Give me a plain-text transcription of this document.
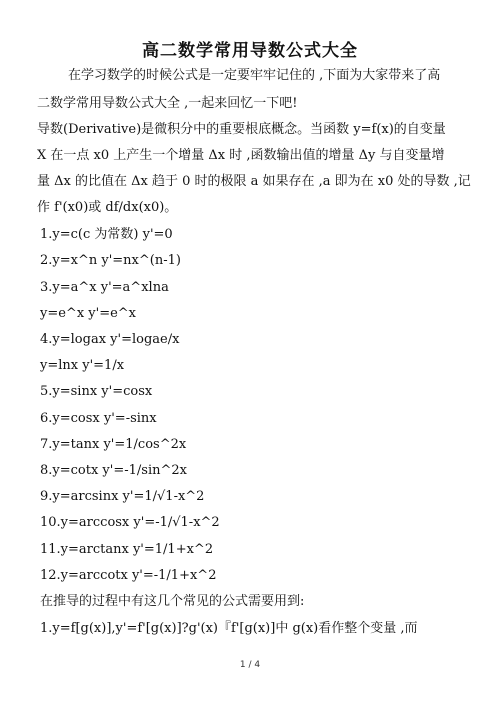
高二数学常用导数公式大全
在学习数学的时候公式是一定要牢牢记住的 ,下面为大家带来了高
二数学常用导数公式大全 ,一起来回忆一下吧!
导数(Derivative)是微积分中的重要根底概念。当函数 y=f(x)的自变量
X 在一点 x0 上产生一个增量 Δx 时 ,函数输出值的增量 Δy 与自变量增
量 Δx 的比值在 Δx 趋于 0 时的极限 a 如果存在 ,a 即为在 x0 处的导数 ,记
作 f'(x0)或 df/dx(x0)。
1.y=c(c 为常数) y'=0
2.y=x^n y'=nx^(n-1)
3.y=a^x y'=a^xlna
y=e^x y'=e^x
4.y=logax y'=logae/x
y=lnx y'=1/x
5.y=sinx y'=cosx
6.y=cosx y'=-sinx
7.y=tanx y'=1/cos^2x
8.y=cotx y'=-1/sin^2x
9.y=arcsinx y'=1/√1-x^2
10.y=arccosx y'=-1/√1-x^2
11.y=arctanx y'=1/1+x^2
12.y=arccotx y'=-1/1+x^2
在推导的过程中有这几个常见的公式需要用到:
1.y=f[g(x)],y'=f'[g(x)]?g'(x)『f'[g(x)]中 g(x)看作整个变量 ,而
1 / 4
